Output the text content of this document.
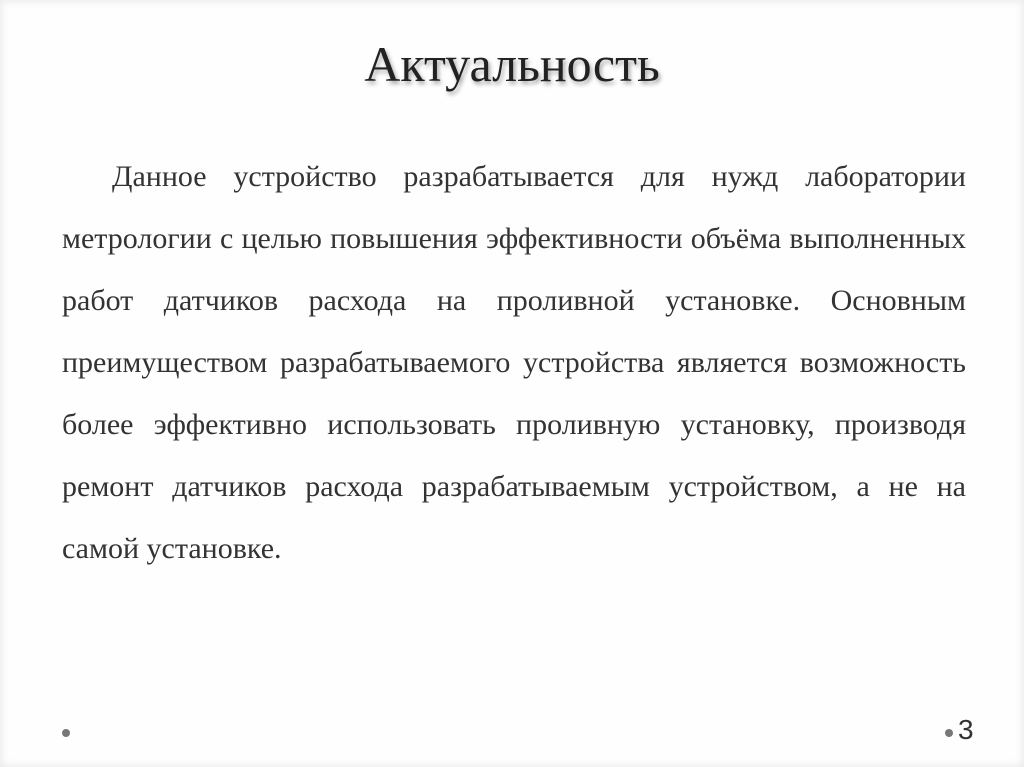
Актуальность

Данное устройство разрабатывается для нужд лаборатории метрологии с целью повышения эффективности объёма выполненных работ датчиков расхода на проливной установке. Основным преимуществом разрабатываемого устройства является возможность более эффективно использовать проливную установку, производя ремонт датчиков расхода разрабатываемым устройством, а не на самой установке.

3
